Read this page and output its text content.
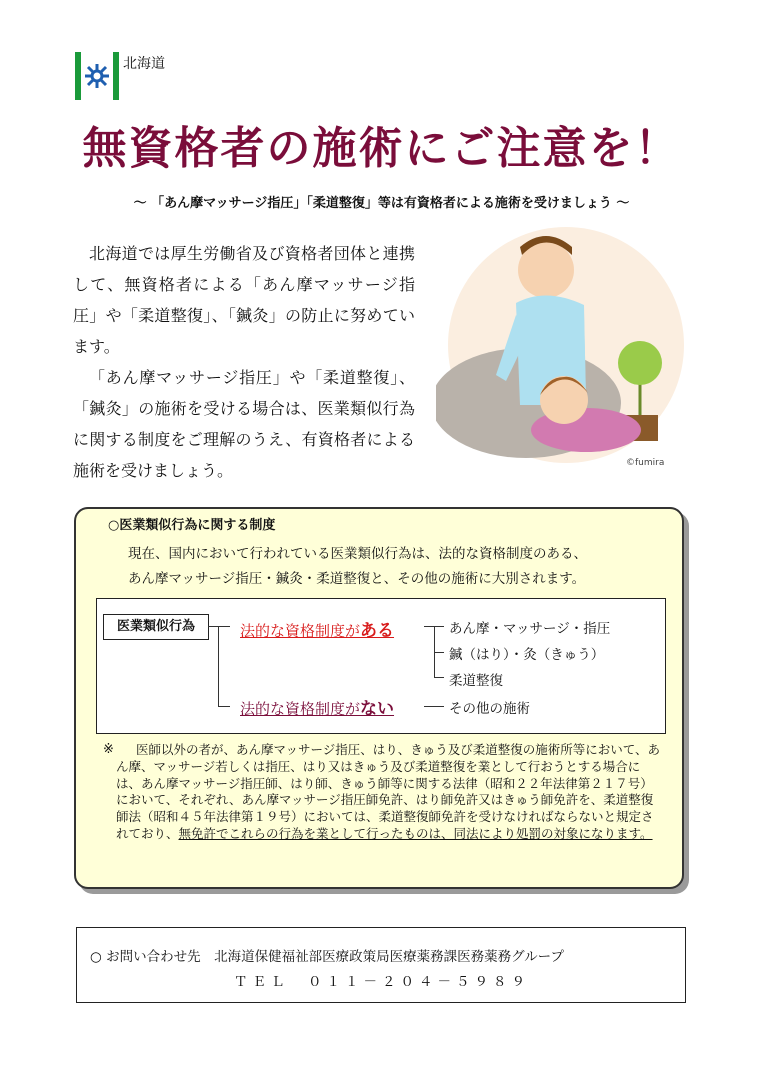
北海道
無資格者の施術にご注意を！
～ 「あん摩マッサージ指圧」「柔道整復」等は有資格者による施術を受けましょう ～

北海道では厚生労働省及び資格者団体と連携して、無資格者による「あん摩マッサージ指圧」や「柔道整復」、「鍼灸」の防止に努めています。

「あん摩マッサージ指圧」や「柔道整復」、「鍼灸」の施術を受ける場合は、医業類似行為に関する制度をご理解のうえ、有資格者による施術を受けましょう。	©fumira
○医業類似行為に関する制度
現在、国内において行われている医業類似行為は、法的な資格制度のある、
あん摩マッサージ指圧・鍼灸・柔道整復と、その他の施術に大別されます。
医業類似行為	法的な資格制度がある
法的な資格制度がない
あん摩・マッサージ・指圧
鍼（はり）・灸（きゅう）
柔道整復
その他の施術
※	医師以外の者が、あん摩マッサージ指圧、はり、きゅう及び柔道整復の施術所等において、あん摩、マッサージ若しくは指圧、はり又はきゅう及び柔道整復を業として行おうとする場合には、あん摩マッサージ指圧師、はり師、きゅう師等に関する法律（昭和２２年法律第２１７号）において、それぞれ、あん摩マッサージ指圧師免許、はり師免許又はきゅう師免許を、柔道整復師法（昭和４５年法律第１９号）においては、柔道整復師免許を受けなければならないと規定されており、無免許でこれらの行為を業として行ったものは、同法により処罰の対象になります。
○ お問い合わせ先　北海道保健福祉部医療政策局医療薬務課医務薬務グループ
ＴＥＬ　０１１－２０４－５９８９
